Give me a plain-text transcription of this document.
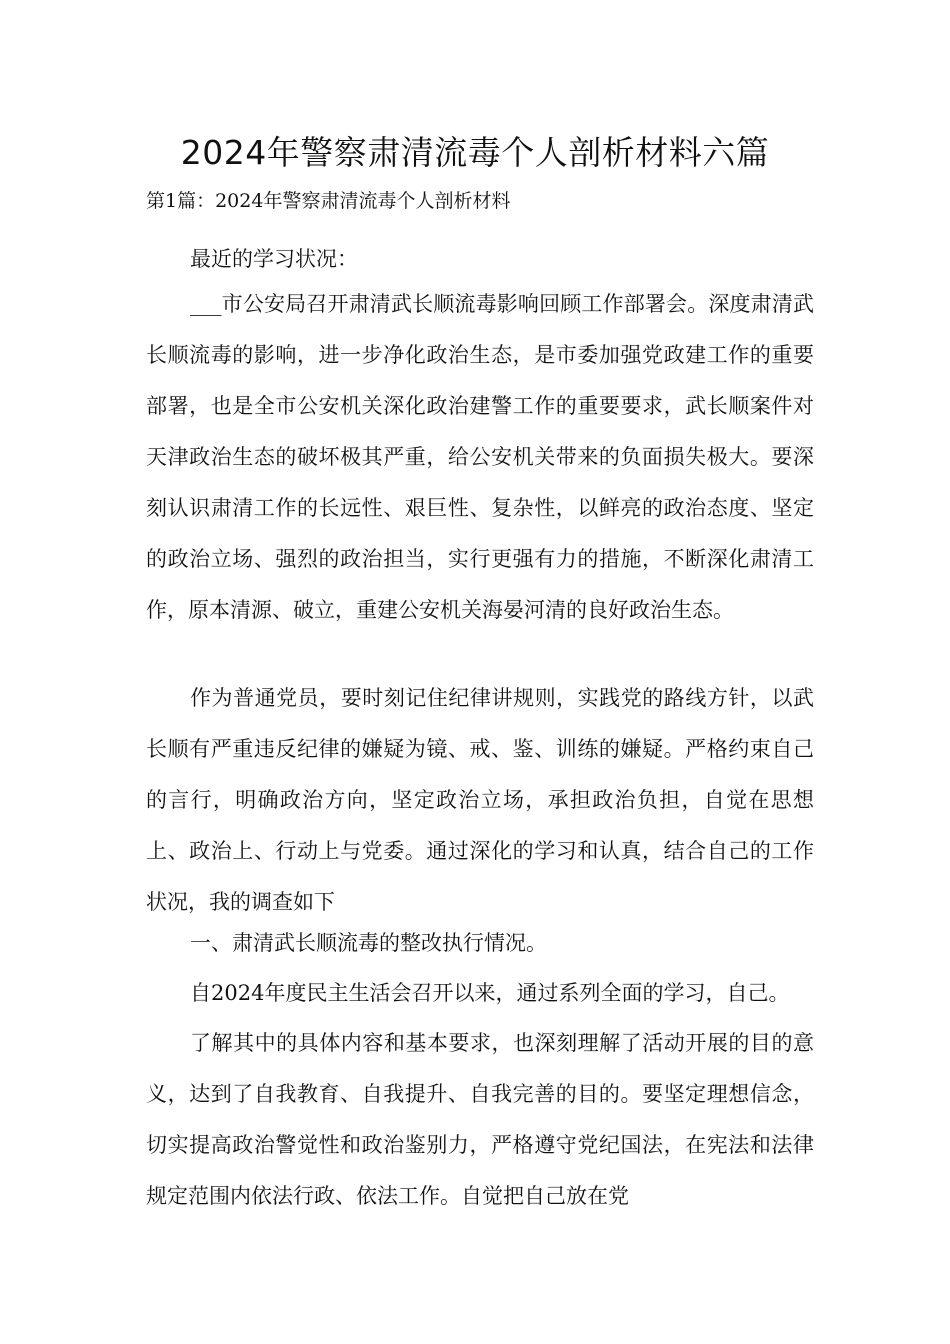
2024年警察肃清流毒个人剖析材料六篇

第1篇：2024年警察肃清流毒个人剖析材料

最近的学习状况：

___市公安局召开肃清武长顺流毒影响回顾工作部署会。深度肃清武长顺流毒的影响，进一步净化政治生态，是市委加强党政建工作的重要部署，也是全市公安机关深化政治建警工作的重要要求，武长顺案件对天津政治生态的破坏极其严重，给公安机关带来的负面损失极大。要深刻认识肃清工作的长远性、艰巨性、复杂性，以鲜亮的政治态度、坚定的政治立场、强烈的政治担当，实行更强有力的措施，不断深化肃清工作，原本清源、破立，重建公安机关海晏河清的良好政治生态。

作为普通党员，要时刻记住纪律讲规则，实践党的路线方针，以武长顺有严重违反纪律的嫌疑为镜、戒、鉴、训练的嫌疑。严格约束自己的言行，明确政治方向，坚定政治立场，承担政治负担，自觉在思想上、政治上、行动上与党委。通过深化的学习和认真，结合自己的工作状况，我的调查如下

一、肃清武长顺流毒的整改执行情况。

自2024年度民主生活会召开以来，通过系列全面的学习，自己。

了解其中的具体内容和基本要求，也深刻理解了活动开展的目的意义，达到了自我教育、自我提升、自我完善的目的。要坚定理想信念，切实提高政治警觉性和政治鉴别力，严格遵守党纪国法，在宪法和法律规定范围内依法行政、依法工作。自觉把自己放在党
